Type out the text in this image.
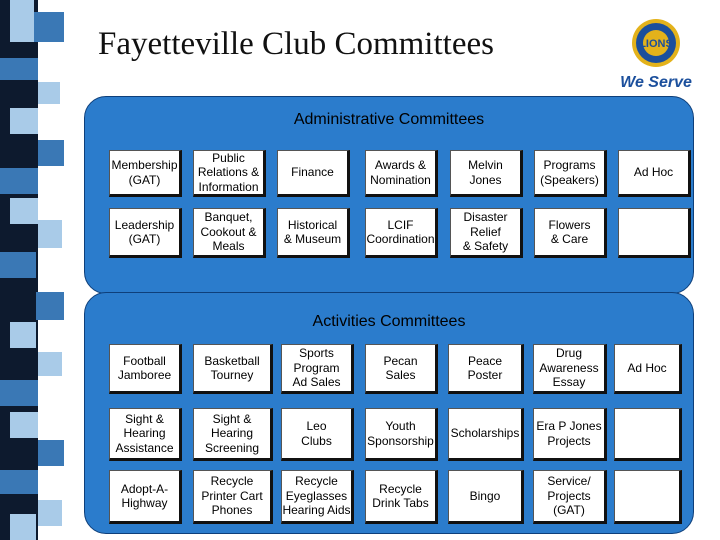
Fayetteville Club Committees	LIONS
We Serve
Administrative Committees
Activities Committees
Membership
(GAT)
Public
Relations &
Information
Finance
Awards &
Nomination
Melvin
Jones
Programs
(Speakers)
Ad Hoc
Leadership
(GAT)
Banquet,
Cookout &
Meals
Historical
& Museum
LCIF
Coordination
Disaster
Relief
& Safety
Flowers
& Care
Football
Jamboree
Basketball
Tourney
Sports
Program
Ad Sales
Pecan
Sales
Peace Poster
Drug
Awareness
Essay
Ad Hoc
Sight &
Hearing
Assistance
Sight &
Hearing
Screening
Leo
Clubs
Youth
Sponsorship
Scholarships
Era P Jones
Projects
Adopt-A-
Highway
Recycle
Printer Cart
Phones
Recycle
Eyeglasses
Hearing Aids
Recycle
Drink Tabs
Bingo
Service/
Projects
(GAT)
